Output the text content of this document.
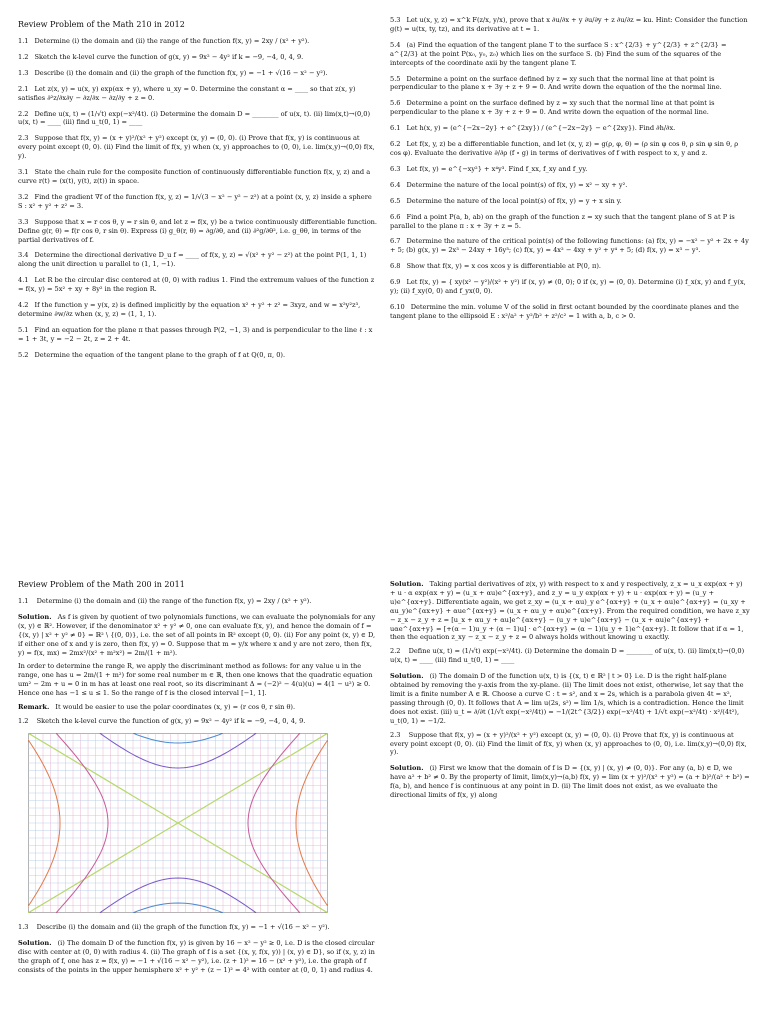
Review Problem of the Math 210 in 2012
1.1 Determine (i) the domain and (ii) the range of the function f(x, y) = 2xy / (x² + y²).
1.2 Sketch the k-level curve the function of g(x, y) = 9x² − 4y² if k = −9, −4, 0, 4, 9.
1.3 Describe (i) the domain and (ii) the graph of the function f(x, y) = −1 + √(16 − x² − y²).
2.1 Let z(x, y) = u(x, y) exp(αx + y), where u_xy = 0. Determine the constant α = ____ so that z(x, y) satisfies ∂²z/∂x∂y − ∂z/∂x − ∂z/∂y + z = 0.
2.2 Define u(x, t) = (1/√t) exp(−x²/4t). (i) Determine the domain D = ________ of u(x, t). (ii) lim(x,t)→(0,0) u(x, t) = ____ (iii) find u_t(0, 1) = ____
2.3 Suppose that f(x, y) = (x + y)²/(x² + y²) except (x, y) = (0, 0). (i) Prove that f(x, y) is continuous at every point except (0, 0). (ii) Find the limit of f(x, y) when (x, y) approaches to (0, 0), i.e. lim(x,y)→(0,0) f(x, y).
3.1 State the chain rule for the composite function of continuously differentiable function f(x, y, z) and a curve r(t) = (x(t), y(t), z(t)) in space.
3.2 Find the gradient ∇f of the function f(x, y, z) = 1/√(3 − x² − y² − z²) at a point (x, y, z) inside a sphere S : x² + y² + z² = 3.
3.3 Suppose that x = r cos θ, y = r sin θ, and let z = f(x, y) be a twice continuously differentiable function. Define g(r, θ) = f(r cos θ, r sin θ). Express (i) g_θ(r, θ) = ∂g/∂θ, and (ii) ∂²g/∂θ², i.e. g_θθ, in terms of the partial derivatives of f.
3.4 Determine the directional derivative D_u f = ____ of f(x, y, z) = √(x² + y² − z²) at the point P(1, 1, 1) along the unit direction u parallel to (1, 1, −1).
4.1 Let R be the circular disc centered at (0, 0) with radius 1. Find the extremum values of the function z = f(x, y) = 5x² + xy + 8y² in the region R.
4.2 If the function y = y(x, z) is defined implicitly by the equation x² + y² + z² = 3xyz, and w = x²y²z³, determine ∂w/∂z when (x, y, z) = (1, 1, 1).
5.1 Find an equation for the plane π that passes through P(2, −1, 3) and is perpendicular to the line ℓ : x = 1 + 3t, y = −2 − 2t, z = 2 + 4t.
5.2 Determine the equation of the tangent plane to the graph of f at Q(0, π, 0).
5.3 Let u(x, y, z) = x^k F(z/x, y/x), prove that x ∂u/∂x + y ∂u/∂y + z ∂u/∂z = ku. Hint: Consider the function g(t) = u(tx, ty, tz), and its derivative at t = 1.
5.4 (a) Find the equation of the tangent plane T to the surface S : x^{2/3} + y^{2/3} + z^{2/3} = a^{2/3} at the point P(x₀, y₀, z₀) which lies on the surface S. (b) Find the sum of the squares of the intercepts of the coordinate axii by the tangent plane T.
5.5 Determine a point on the surface defined by z = xy such that the normal line at that point is perpendicular to the plane x + 3y + z + 9 = 0. And write down the equation of the the normal line.
5.6 Determine a point on the surface defined by z = xy such that the normal line at that point is perpendicular to the plane x + 3y + z + 9 = 0. And write down the equation of the normal line.
6.1 Let h(x, y) = (e^{−2x−2y} + e^{2xy}) / (e^{−2x−2y} − e^{2xy}). Find ∂h/∂x.
6.2 Let f(x, y, z) be a differentiable function, and let (x, y, z) = g(ρ, φ, θ) = (ρ sin φ cos θ, ρ sin φ sin θ, ρ cos φ). Evaluate the derivative ∂/∂ρ (f ∘ g) in terms of derivatives of f with respect to x, y and z.
6.3 Let f(x, y) = e^{−xy²} + x⁴y³. Find f_xx, f_xy and f_yy.
6.4 Determine the nature of the local point(s) of f(x, y) = x² − xy + y².
6.5 Determine the nature of the local point(s) of f(x, y) = y + x sin y.
6.6 Find a point P(a, b, ab) on the graph of the function z = xy such that the tangent plane of S at P is parallel to the plane π : x + 3y + z = 5.
6.7 Determine the nature of the critical point(s) of the following functions: (a) f(x, y) = −x² − y² + 2x + 4y + 5; (b) g(x, y) = 2x³ − 24xy + 16y³; (c) f(x, y) = 4x² − 4xy + y² + y⁴ + 5; (d) f(x, y) = x³ − y³.
6.8 Show that f(x, y) = x cos xcos y is differentiable at P(0, π).
6.9 Let f(x, y) = { xy(x² − y²)/(x² + y²) if (x, y) ≠ (0, 0); 0 if (x, y) = (0, 0). Determine (i) f_x(x, y) and f_y(x, y); (ii) f_xy(0, 0) and f_yx(0, 0).
6.10 Determine the min. volume V of the solid in first octant bounded by the coordinate planes and the tangent plane to the ellipsoid E : x²/a² + y²/b² + z²/c² = 1 with a, b, c > 0.
Review Problem of the Math 200 in 2011
1.1 Determine (i) the domain and (ii) the range of the function f(x, y) = 2xy / (x² + y²).
Solution. As f is given by quotient of two polynomials functions, we can evaluate the polynomials for any (x, y) ∈ ℝ². However, if the denominator x² + y² ≠ 0, one can evaluate f(x, y), and hence the domain of f = {(x, y) | x² + y² ≠ 0} = ℝ² \ {(0, 0)}, i.e. the set of all points in ℝ² except (0, 0). (ii) For any point (x, y) ∈ D, if either one of x and y is zero, then f(x, y) = 0. Suppose that m = y/x where x and y are not zero, then f(x, y) = f(x, mx) = 2mx²/(x² + m²x²) = 2m/(1 + m²).
In order to determine the range R, we apply the discriminant method as follows: for any value u in the range, one has u = 2m/(1 + m²) for some real number m ∈ ℝ, then one knows that the quadratic equation um² − 2m + u = 0 in m has at least one real root, so its discriminant Δ = (−2)² − 4(u)(u) = 4(1 − u²) ≥ 0. Hence one has −1 ≤ u ≤ 1. So the range of f is the closed interval [−1, 1].
Remark. It would be easier to use the polar coordinates (x, y) = (r cos θ, r sin θ).
1.2 Sketch the k-level curve the function of g(x, y) = 9x² − 4y² if k = −9, −4, 0, 4, 9.
1.3 Describe (i) the domain and (ii) the graph of the function f(x, y) = −1 + √(16 − x² − y²).
Solution. (i) The domain D of the function f(x, y) is given by 16 − x² − y² ≥ 0, i.e. D is the closed circular disc with center at (0, 0) with radius 4. (ii) The graph of f is a set {(x, y, f(x, y)) | (x, y) ∈ D}, so if (x, y, z) in the graph of f, one has z = f(x, y) = −1 + √(16 − x² − y²), i.e. (z + 1)² = 16 − (x² + y²), i.e. the graph of f consists of the points in the upper hemisphere x² + y² + (z − 1)² = 4² with center at (0, 0, 1) and radius 4.
Solution. Taking partial derivatives of z(x, y) with respect to x and y respectively, z_x = u_x exp(αx + y) + u · α exp(αx + y) = (u_x + αu)e^{αx+y}, and z_y = u_y exp(αx + y) + u · exp(αx + y) = (u_y + u)e^{αx+y}. Differentiate again, we get z_xy = (u_x + αu)_y e^{αx+y} + (u_x + αu)e^{αx+y} = (u_xy + αu_y)e^{αx+y} + αue^{αx+y} = (u_x + αu_y + αu)e^{αx+y}. From the required condition, we have z_xy − z_x − z_y + z = [u_x + αu_y + αu]e^{αx+y} − (u_y + u)e^{αx+y} − (u_x + αu)e^{αx+y} + uαe^{αx+y} = [+(α − 1)u_y + (α − 1)u] · e^{αx+y} = (α − 1)(u_y + 1)e^{αx+y}. It follow that if α = 1, then the equation z_xy − z_x − z_y + z = 0 always holds without knowing u exactly.
2.2 Define u(x, t) = (1/√t) exp(−x²/4t). (i) Determine the domain D = ________ of u(x, t). (ii) lim(x,t)→(0,0) u(x, t) = ____ (iii) find u_t(0, 1) = ____
Solution. (i) The domain D of the function u(x, t) is {(x, t) ∈ ℝ² | t > 0} i.e. D is the right half-plane obtained by removing the y-axis from the xy-plane. (ii) The limit does not exist, otherwise, let say that the limit is a finite number A ∈ ℝ. Choose a curve C : t = s², and x = 2s, which is a parabola given 4t = x², passing through (0, 0). It follows that A = lim u(2s, s²) = lim 1/s, which is a contradiction. Hence the limit does not exist. (iii) u_t = ∂/∂t (1/√t exp(−x²/4t)) = −1/(2t^{3/2}) exp(−x²/4t) + 1/√t exp(−x²/4t) · x²/(4t²), u_t(0, 1) = −1/2.
2.3 Suppose that f(x, y) = (x + y)²/(x² + y²) except (x, y) = (0, 0). (i) Prove that f(x, y) is continuous at every point except (0, 0). (ii) Find the limit of f(x, y) when (x, y) approaches to (0, 0), i.e. lim(x,y)→(0,0) f(x, y).
Solution. (i) First we know that the domain of f is D = {(x, y) | (x, y) ≠ (0, 0)}. For any (a, b) ∈ D, we have a² + b² ≠ 0. By the property of limit, lim(x,y)→(a,b) f(x, y) = lim (x + y)²/(x² + y²) = (a + b)²/(a² + b²) = f(a, b), and hence f is continuous at any point in D. (ii) The limit does not exist, as we evaluate the directional limits of f(x, y) along
